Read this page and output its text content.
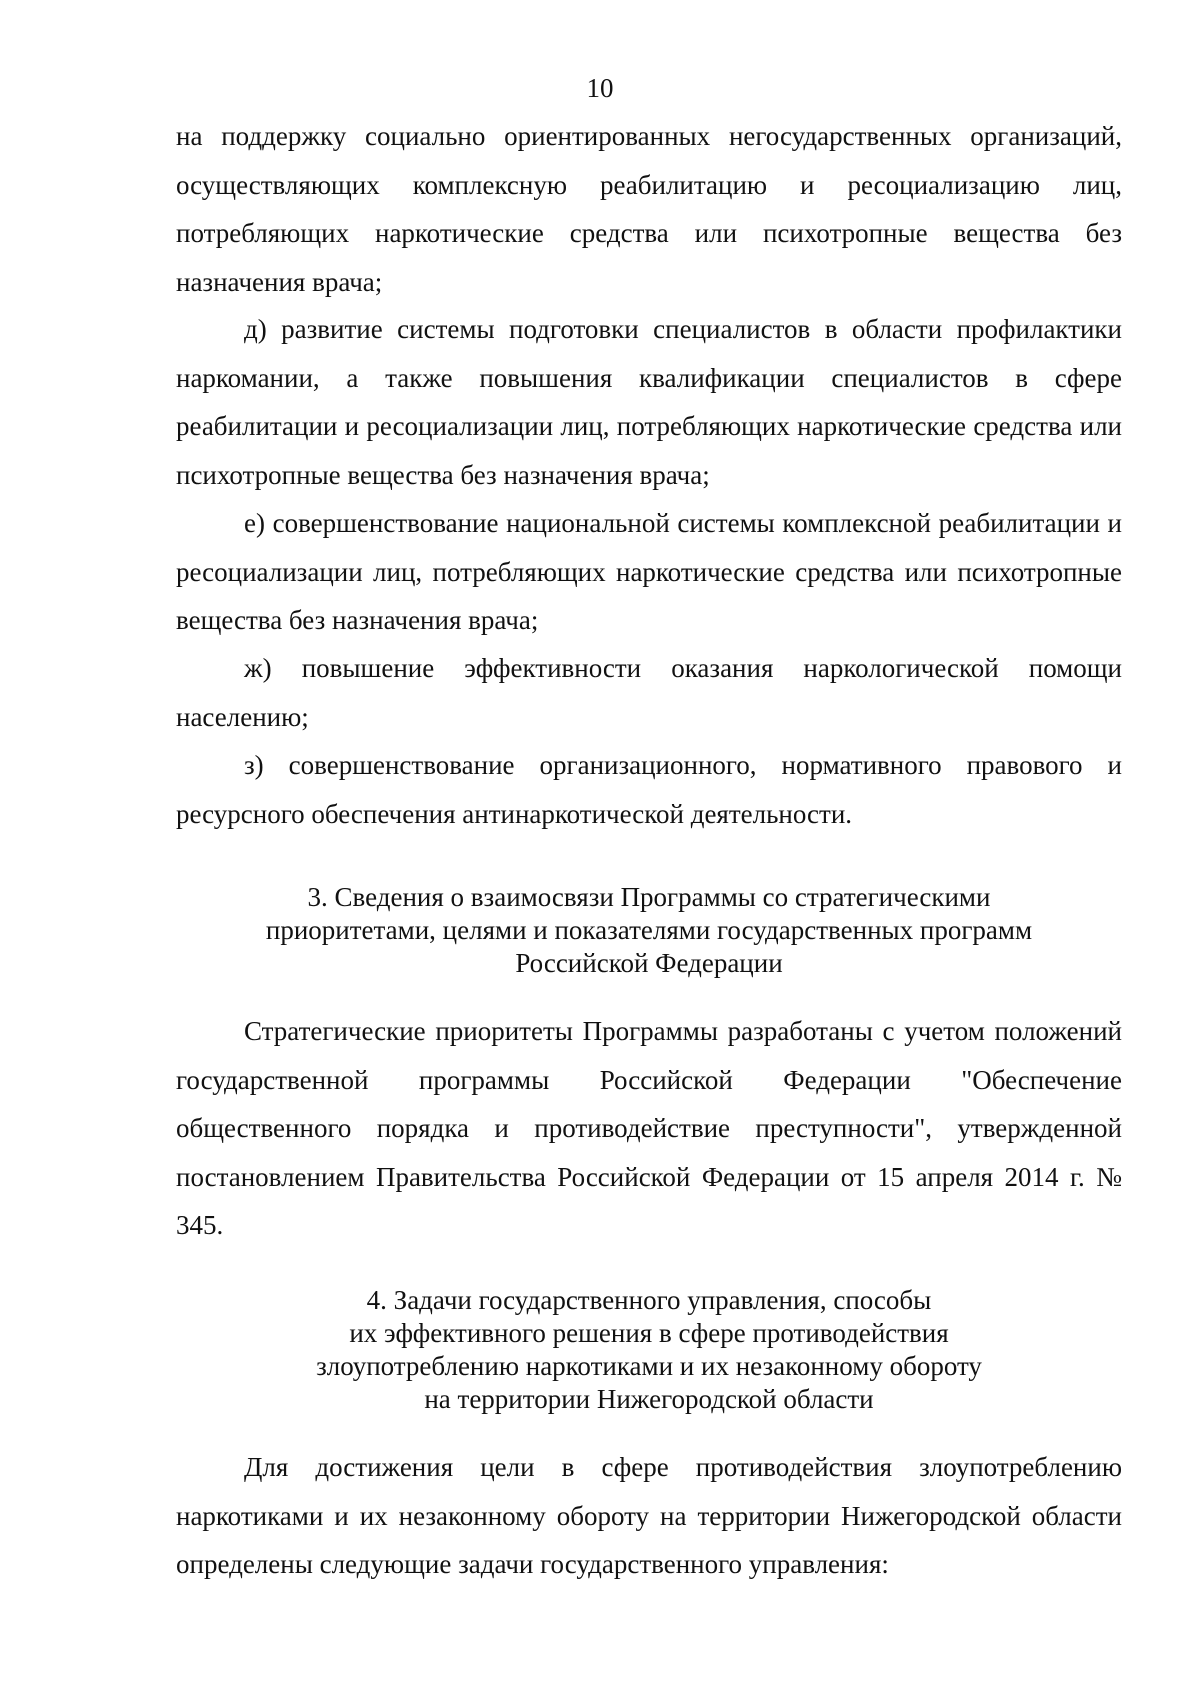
10

на поддержку социально ориентированных негосударственных организаций, осуществляющих комплексную реабилитацию и ресоциализацию лиц, потребляющих наркотические средства или психотропные вещества без назначения врача;

д) развитие системы подготовки специалистов в области профилактики наркомании, а также повышения квалификации специалистов в сфере реабилитации и ресоциализации лиц, потребляющих наркотические средства или психотропные вещества без назначения врача;

е) совершенствование национальной системы комплексной реабилитации и ресоциализации лиц, потребляющих наркотические средства или психотропные вещества без назначения врача;

ж) повышение эффективности оказания наркологической помощи населению;

з) совершенствование организационного, нормативного правового и ресурсного обеспечения антинаркотической деятельности.

3. Сведения о взаимосвязи Программы со стратегическими
приоритетами, целями и показателями государственных программ
Российской Федерации

Стратегические приоритеты Программы разработаны с учетом положений государственной программы Российской Федерации "Обеспечение общественного порядка и противодействие преступности", утвержденной постановлением Правительства Российской Федерации от 15 апреля 2014 г. № 345.

4. Задачи государственного управления, способы
их эффективного решения в сфере противодействия
злоупотреблению наркотиками и их незаконному обороту
на территории Нижегородской области

Для достижения цели в сфере противодействия злоупотреблению наркотиками и их незаконному обороту на территории Нижегородской области определены следующие задачи государственного управления:
